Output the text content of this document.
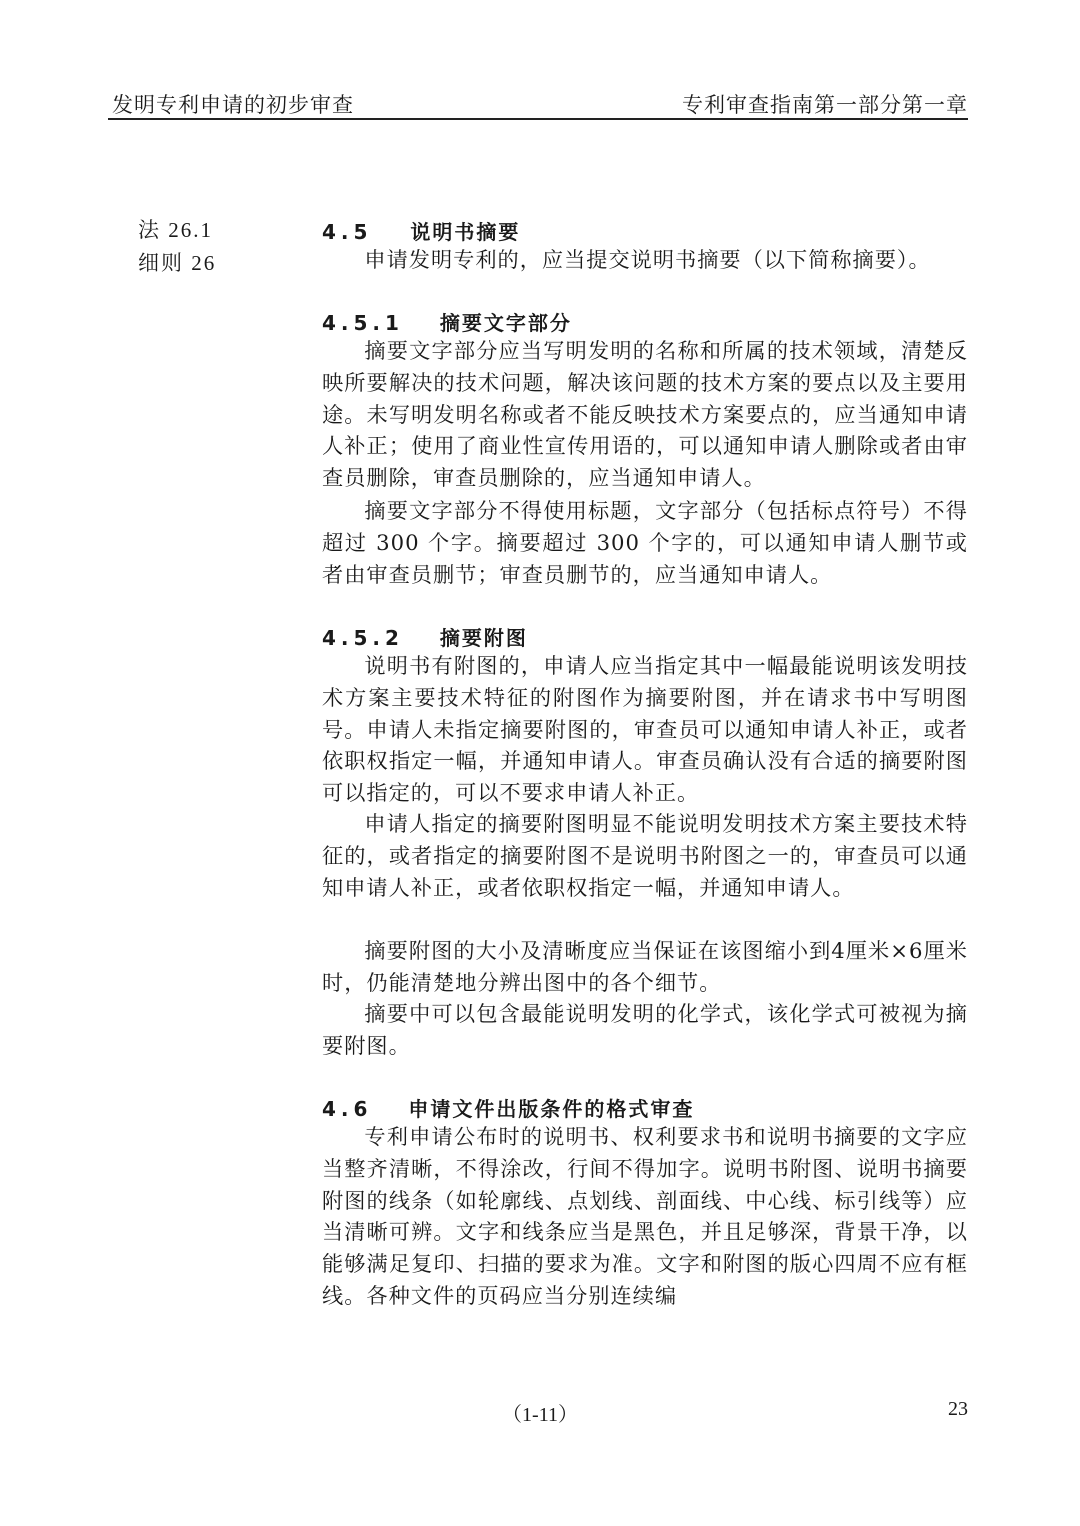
发明专利申请的初步审查	专利审查指南第一部分第一章
法 26.1
细则 26
4.5 说明书摘要

申请发明专利的，应当提交说明书摘要（以下简称摘要）。

4.5.1 摘要文字部分

摘要文字部分应当写明发明的名称和所属的技术领域，清楚反映所要解决的技术问题，解决该问题的技术方案的要点以及主要用途。未写明发明名称或者不能反映技术方案要点的，应当通知申请人补正；使用了商业性宣传用语的，可以通知申请人删除或者由审查员删除，审查员删除的，应当通知申请人。

摘要文字部分不得使用标题，文字部分（包括标点符号）不得超过 300 个字。摘要超过 300 个字的，可以通知申请人删节或者由审查员删节；审查员删节的，应当通知申请人。

4.5.2 摘要附图

说明书有附图的，申请人应当指定其中一幅最能说明该发明技术方案主要技术特征的附图作为摘要附图，并在请求书中写明图号。申请人未指定摘要附图的，审查员可以通知申请人补正，或者依职权指定一幅，并通知申请人。审查员确认没有合适的摘要附图可以指定的，可以不要求申请人补正。

申请人指定的摘要附图明显不能说明发明技术方案主要技术特征的，或者指定的摘要附图不是说明书附图之一的，审查员可以通知申请人补正，或者依职权指定一幅，并通知申请人。

摘要附图的大小及清晰度应当保证在该图缩小到4厘米×6厘米时，仍能清楚地分辨出图中的各个细节。

摘要中可以包含最能说明发明的化学式，该化学式可被视为摘要附图。

4.6 申请文件出版条件的格式审查

专利申请公布时的说明书、权利要求书和说明书摘要的文字应当整齐清晰，不得涂改，行间不得加字。说明书附图、说明书摘要附图的线条（如轮廓线、点划线、剖面线、中心线、标引线等）应当清晰可辨。文字和线条应当是黑色，并且足够深，背景干净，以能够满足复印、扫描的要求为准。文字和附图的版心四周不应有框线。各种文件的页码应当分别连续编

（1-11）	23
